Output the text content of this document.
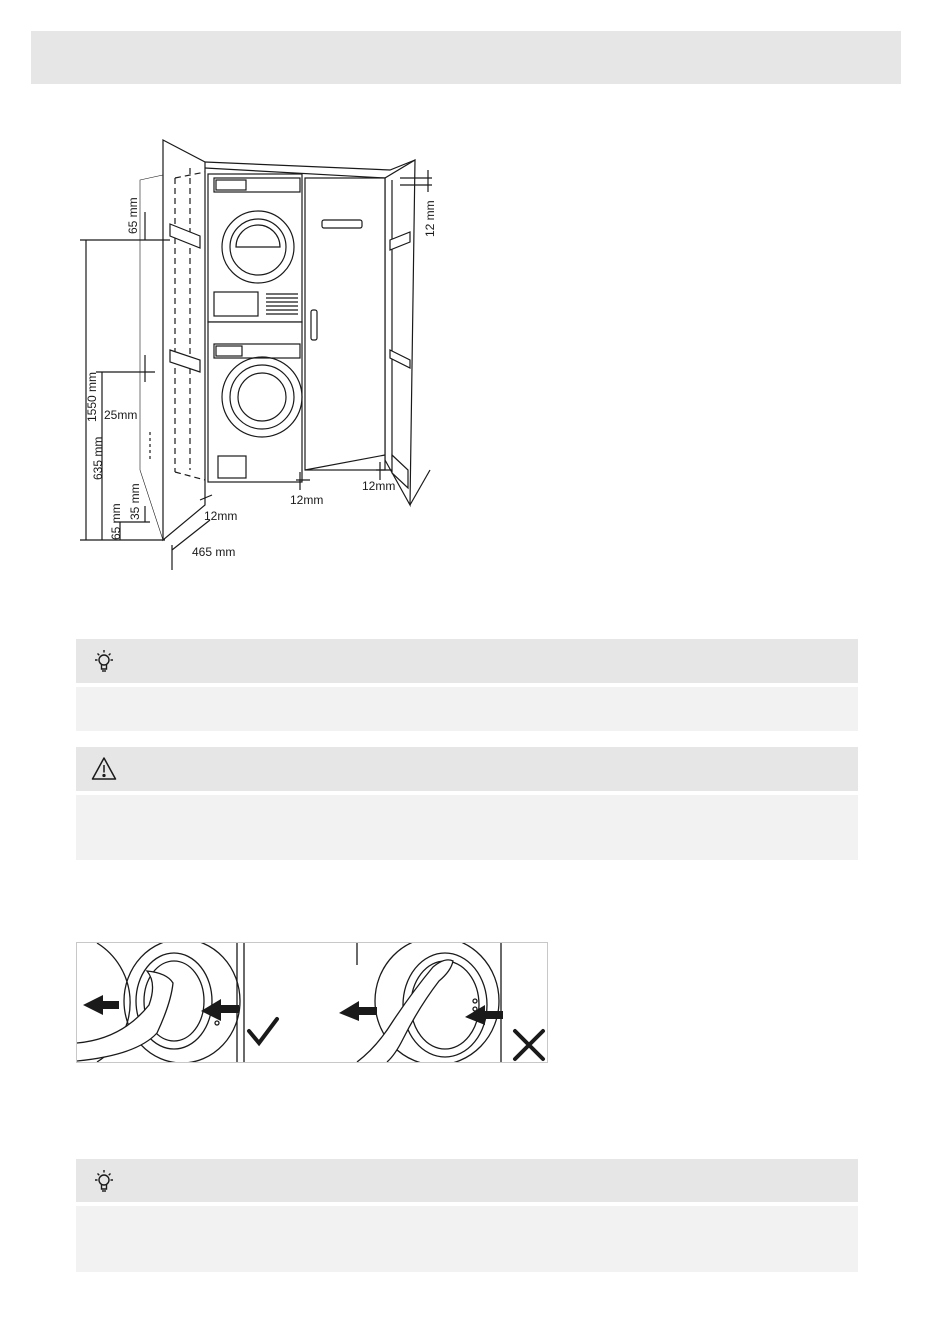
1550 mm
635 mm
65 mm
65 mm
35 mm
25mm
465 mm
12 mm
12mm
12mm
12mm
